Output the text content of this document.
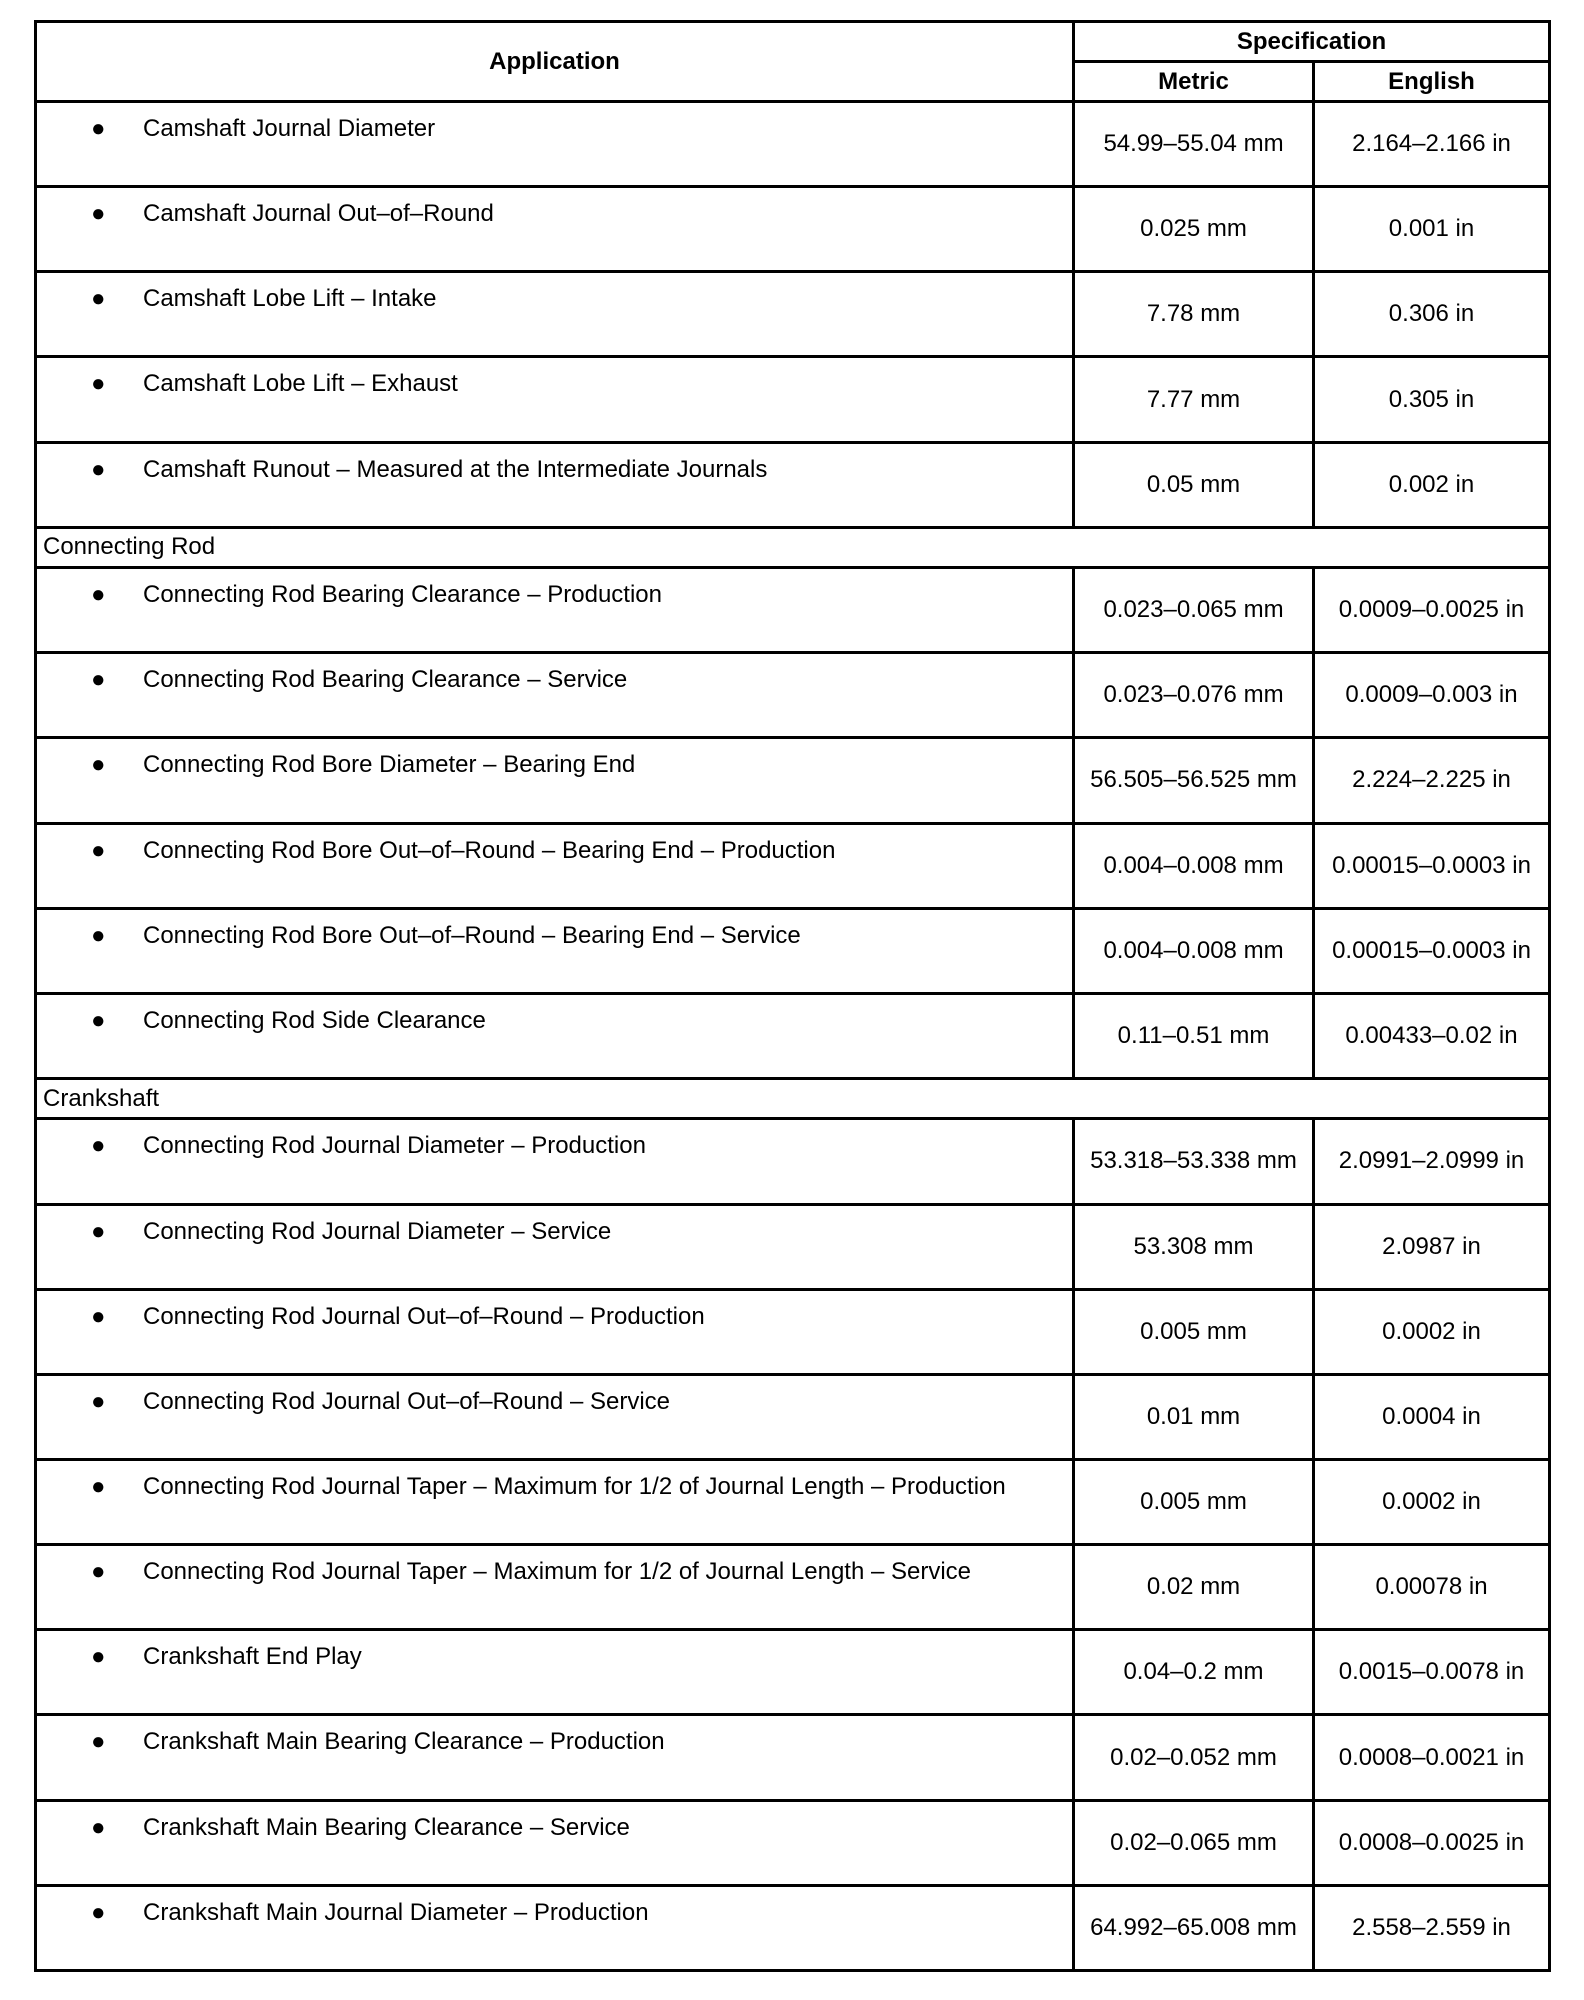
Application	Specification	
	Metric	English

● Camshaft Journal Diameter	54.99–55.04 mm	2.164–2.166 in

● Camshaft Journal Out–of–Round	0.025 mm	0.001 in

● Camshaft Lobe Lift – Intake	7.78 mm	0.306 in

● Camshaft Lobe Lift – Exhaust	7.77 mm	0.305 in

● Camshaft Runout – Measured at the Intermediate Journals	0.05 mm	0.002 in
Connecting Rod		

● Connecting Rod Bearing Clearance – Production	0.023–0.065 mm	0.0009–0.0025 in

● Connecting Rod Bearing Clearance – Service	0.023–0.076 mm	0.0009–0.003 in

● Connecting Rod Bore Diameter – Bearing End	56.505–56.525 mm	2.224–2.225 in

● Connecting Rod Bore Out–of–Round – Bearing End – Production	0.004–0.008 mm	0.00015–0.0003 in

● Connecting Rod Bore Out–of–Round – Bearing End – Service	0.004–0.008 mm	0.00015–0.0003 in

● Connecting Rod Side Clearance	0.11–0.51 mm	0.00433–0.02 in
Crankshaft		

● Connecting Rod Journal Diameter – Production	53.318–53.338 mm	2.0991–2.0999 in

● Connecting Rod Journal Diameter – Service	53.308 mm	2.0987 in

● Connecting Rod Journal Out–of–Round – Production	0.005 mm	0.0002 in

● Connecting Rod Journal Out–of–Round – Service	0.01 mm	0.0004 in

● Connecting Rod Journal Taper – Maximum for 1/2 of Journal Length – Production	0.005 mm	0.0002 in

● Connecting Rod Journal Taper – Maximum for 1/2 of Journal Length – Service	0.02 mm	0.00078 in

● Crankshaft End Play	0.04–0.2 mm	0.0015–0.0078 in

● Crankshaft Main Bearing Clearance – Production	0.02–0.052 mm	0.0008–0.0021 in

● Crankshaft Main Bearing Clearance – Service	0.02–0.065 mm	0.0008–0.0025 in

● Crankshaft Main Journal Diameter – Production	64.992–65.008 mm	2.558–2.559 in
